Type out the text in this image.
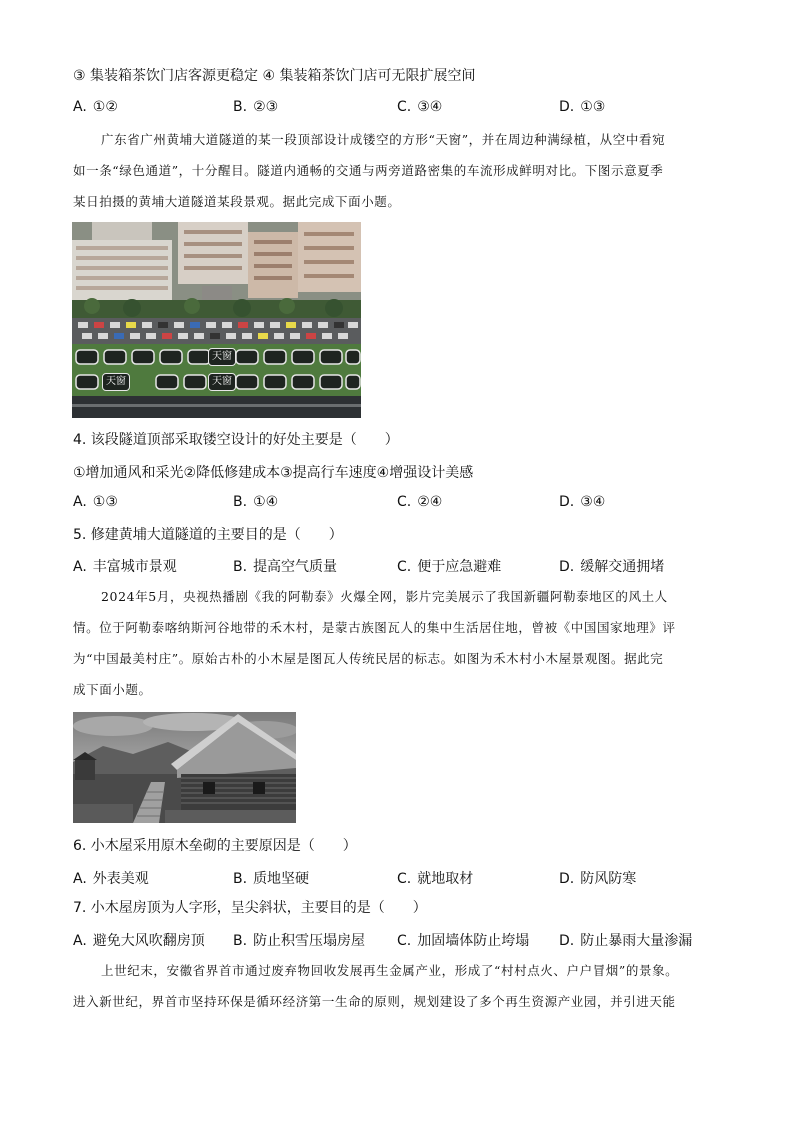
③ 集装箱茶饮门店客源更稳定 ④ 集装箱茶饮门店可无限扩展空间
A. ①②	B. ②③	C. ③④	D. ①③
广东省广州黄埔大道隧道的某一段顶部设计成镂空的方形“天窗”，并在周边种满绿植，从空中看宛
如一条“绿色通道”，十分醒目。隧道内通畅的交通与两旁道路密集的车流形成鲜明对比。下图示意夏季
某日拍摄的黄埔大道隧道某段景观。据此完成下面小题。
天窗
天窗	天窗
4. 该段隧道顶部采取镂空设计的好处主要是（　　）
①增加通风和采光②降低修建成本③提高行车速度④增强设计美感
A. ①③	B. ①④	C. ②④	D. ③④
5. 修建黄埔大道隧道的主要目的是（　　）
A. 丰富城市景观	B. 提高空气质量	C. 便于应急避难	D. 缓解交通拥堵
2024年5月，央视热播剧《我的阿勒泰》火爆全网，影片完美展示了我国新疆阿勒泰地区的风土人
情。位于阿勒泰喀纳斯河谷地带的禾木村，是蒙古族图瓦人的集中生活居住地，曾被《中国国家地理》评
为“中国最美村庄”。原始古朴的小木屋是图瓦人传统民居的标志。如图为禾木村小木屋景观图。据此完
成下面小题。
6. 小木屋采用原木垒砌的主要原因是（　　）
A. 外表美观	B. 质地坚硬	C. 就地取材	D. 防风防寒
7. 小木屋房顶为人字形，呈尖斜状，主要目的是（　　）
A. 避免大风吹翻房顶 B. 防止积雪压塌房屋 C. 加固墙体防止垮塌 D. 防止暴雨大量渗漏
上世纪末，安徽省界首市通过废弃物回收发展再生金属产业，形成了“村村点火、户户冒烟”的景象。
进入新世纪，界首市坚持环保是循环经济第一生命的原则，规划建设了多个再生资源产业园，并引进天能
